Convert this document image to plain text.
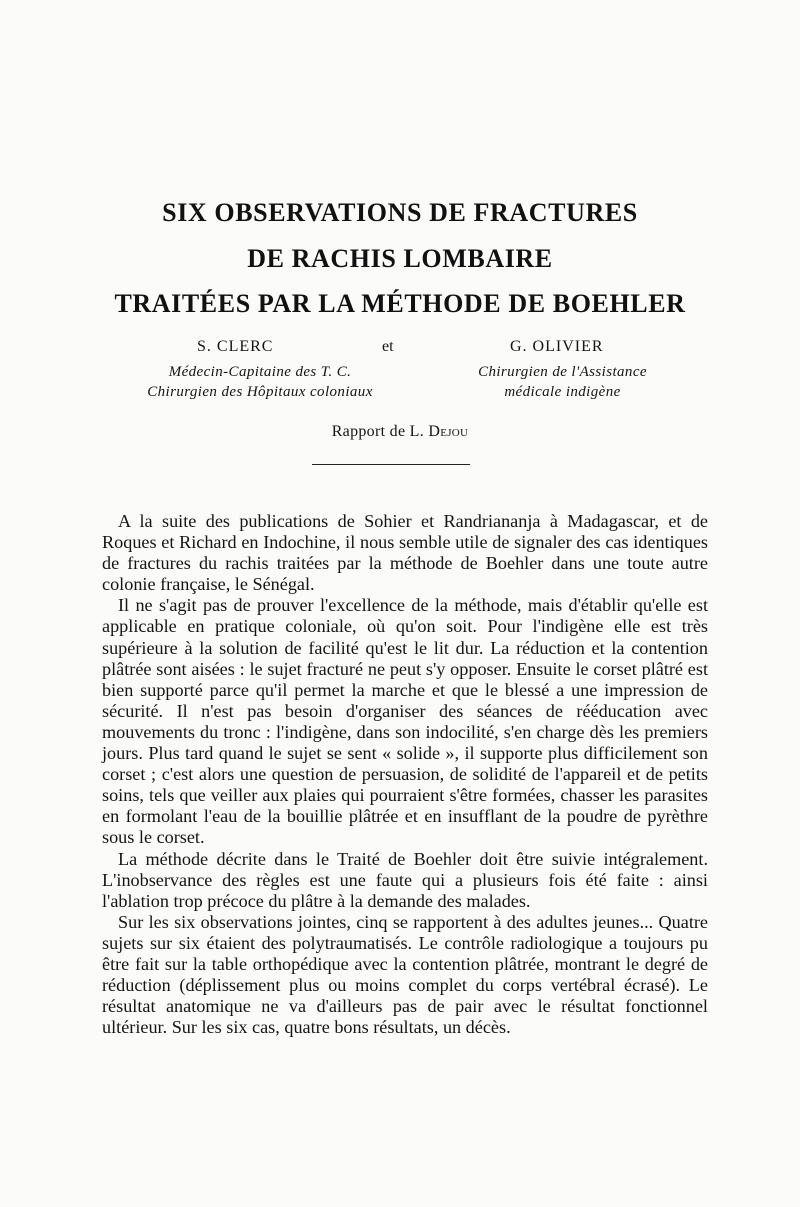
SIX OBSERVATIONS DE FRACTURES
DE RACHIS LOMBAIRE
TRAITÉES PAR LA MÉTHODE DE BOEHLER
S. CLERC	et	G. OLIVIER
Médecin-Capitaine des T. C.
Chirurgien des Hôpitaux coloniaux
Chirurgien de l'Assistance
médicale indigène
Rapport de L. Dejou

A la suite des publications de Sohier et Randriananja à Madagascar, et de Roques et Richard en Indochine, il nous semble utile de signaler des cas identiques de fractures du rachis traitées par la méthode de Boehler dans une toute autre colonie française, le Sénégal.

Il ne s'agit pas de prouver l'excellence de la méthode, mais d'établir qu'elle est applicable en pratique coloniale, où qu'on soit. Pour l'indigène elle est très supérieure à la solution de facilité qu'est le lit dur. La réduction et la contention plâtrée sont aisées : le sujet fracturé ne peut s'y opposer. Ensuite le corset plâtré est bien supporté parce qu'il permet la marche et que le blessé a une impression de sécurité. Il n'est pas besoin d'organiser des séances de rééducation avec mouvements du tronc : l'indigène, dans son indocilité, s'en charge dès les premiers jours. Plus tard quand le sujet se sent « solide », il supporte plus difficilement son corset ; c'est alors une question de persuasion, de solidité de l'appareil et de petits soins, tels que veiller aux plaies qui pourraient s'être formées, chasser les parasites en formolant l'eau de la bouillie plâtrée et en insufflant de la poudre de pyrèthre sous le corset.

La méthode décrite dans le Traité de Boehler doit être suivie intégralement. L'inobservance des règles est une faute qui a plusieurs fois été faite : ainsi l'ablation trop précoce du plâtre à la demande des malades.

Sur les six observations jointes, cinq se rapportent à des adultes jeunes... Quatre sujets sur six étaient des polytraumatisés. Le contrôle radiologique a toujours pu être fait sur la table orthopédique avec la contention plâtrée, montrant le degré de réduction (déplissement plus ou moins complet du corps vertébral écrasé). Le résultat anatomique ne va d'ailleurs pas de pair avec le résultat fonctionnel ultérieur. Sur les six cas, quatre bons résultats, un décès.
